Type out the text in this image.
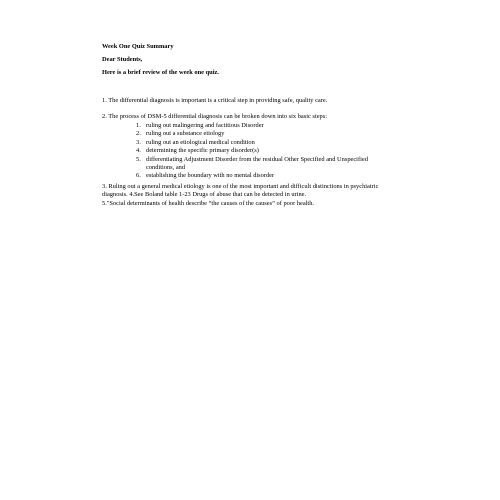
Week One Quiz Summary

Dear Students,

Here is a brief review of the week one quiz.

1. The differential diagnosis is important is a critical step in providing safe, quality care.

2. The process of DSM-5 differential diagnosis can be broken down into six basic steps:

1. ruling out malingering and factitious Disorder
2. ruling out a substance etiology
3. ruling out an etiological medical condition
4. determining the specific primary disorder(s)
5. differentiating Adjustment Disorder from the residual Other Specified and Unspecified conditions, and
6. establishing the boundary with no mental disorder

3. Ruling out a general medical etiology is one of the most important and difficult distinctions in psychiatric diagnosis. 4.See Boland table 1-23 Drugs of abuse that can be detected in urine.

5."Social determinants of health describe “the causes of the causes” of poor health.
